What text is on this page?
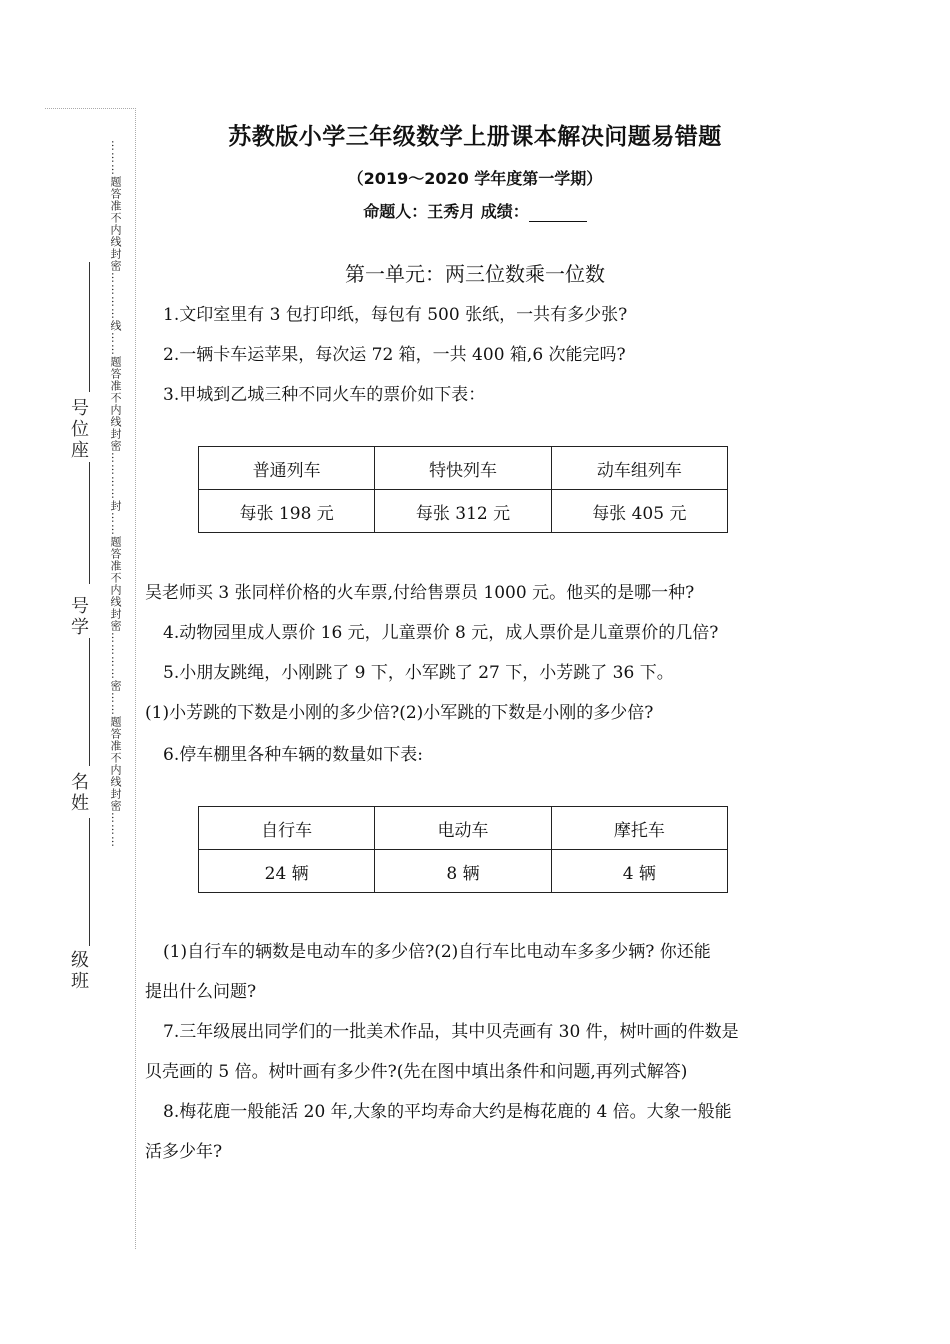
………题答准不内线封密…………线……题答准不内线封密…………封……题答准不内线封密…………密……题答准不内线封密………
号位座
号学
名姓
级班
苏教版小学三年级数学上册课本解决问题易错题
（2019～2020 学年度第一学期）
命题人：王秀月 成绩：
第一单元：两三位数乘一位数
1.文印室里有 3 包打印纸，每包有 500 张纸，一共有多少张?
2.一辆卡车运苹果，每次运 72 箱，一共 400 箱,6 次能完吗?
3.甲城到乙城三种不同火车的票价如下表：
普通列车	特快列车	动车组列车
每张 198 元	每张 312 元	每张 405 元
吴老师买 3 张同样价格的火车票,付给售票员 1000 元。他买的是哪一种?
4.动物园里成人票价 16 元，儿童票价 8 元，成人票价是儿童票价的几倍?
5.小朋友跳绳，小刚跳了 9 下，小军跳了 27 下，小芳跳了 36 下。
(1)小芳跳的下数是小刚的多少倍?(2)小军跳的下数是小刚的多少倍?
6.停车棚里各种车辆的数量如下表:
自行车	电动车	摩托车
24 辆	8 辆	4 辆
(1)自行车的辆数是电动车的多少倍?(2)自行车比电动车多多少辆? 你还能
提出什么问题?
7.三年级展出同学们的一批美术作品，其中贝壳画有 30 件，树叶画的件数是
贝壳画的 5 倍。树叶画有多少件?(先在图中填出条件和问题,再列式解答)
8.梅花鹿一般能活 20 年,大象的平均寿命大约是梅花鹿的 4 倍。大象一般能
活多少年?
